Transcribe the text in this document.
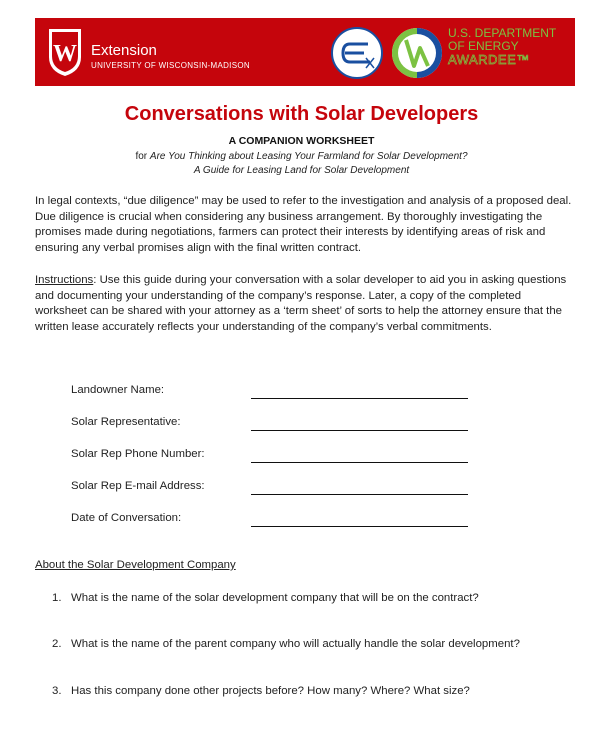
W Extension
UNIVERSITY OF WISCONSIN-MADISON
U.S. DEPARTMENT
OF ENERGY
AWARDEE™
Conversations with Solar Developers
A COMPANION WORKSHEET
for Are You Thinking about Leasing Your Farmland for Solar Development?
A Guide for Leasing Land for Solar Development
In legal contexts, “due diligence” may be used to refer to the investigation and analysis of a proposed deal. Due diligence is crucial when considering any business arrangement. By thoroughly investigating the promises made during negotiations, farmers can protect their interests by identifying areas of risk and ensuring any verbal promises align with the final written contract.
Instructions: Use this guide during your conversation with a solar developer to aid you in asking questions and documenting your understanding of the company’s response. Later, a copy of the completed worksheet can be shared with your attorney as a ‘term sheet’ of sorts to help the attorney ensure that the written lease accurately reflects your understanding of the company’s verbal commitments.
Landowner Name:
Solar Representative:
Solar Rep Phone Number:
Solar Rep E-mail Address:
Date of Conversation:
About the Solar Development Company
1. What is the name of the solar development company that will be on the contract?
2. What is the name of the parent company who will actually handle the solar development?
3. Has this company done other projects before? How many? Where? What size?
